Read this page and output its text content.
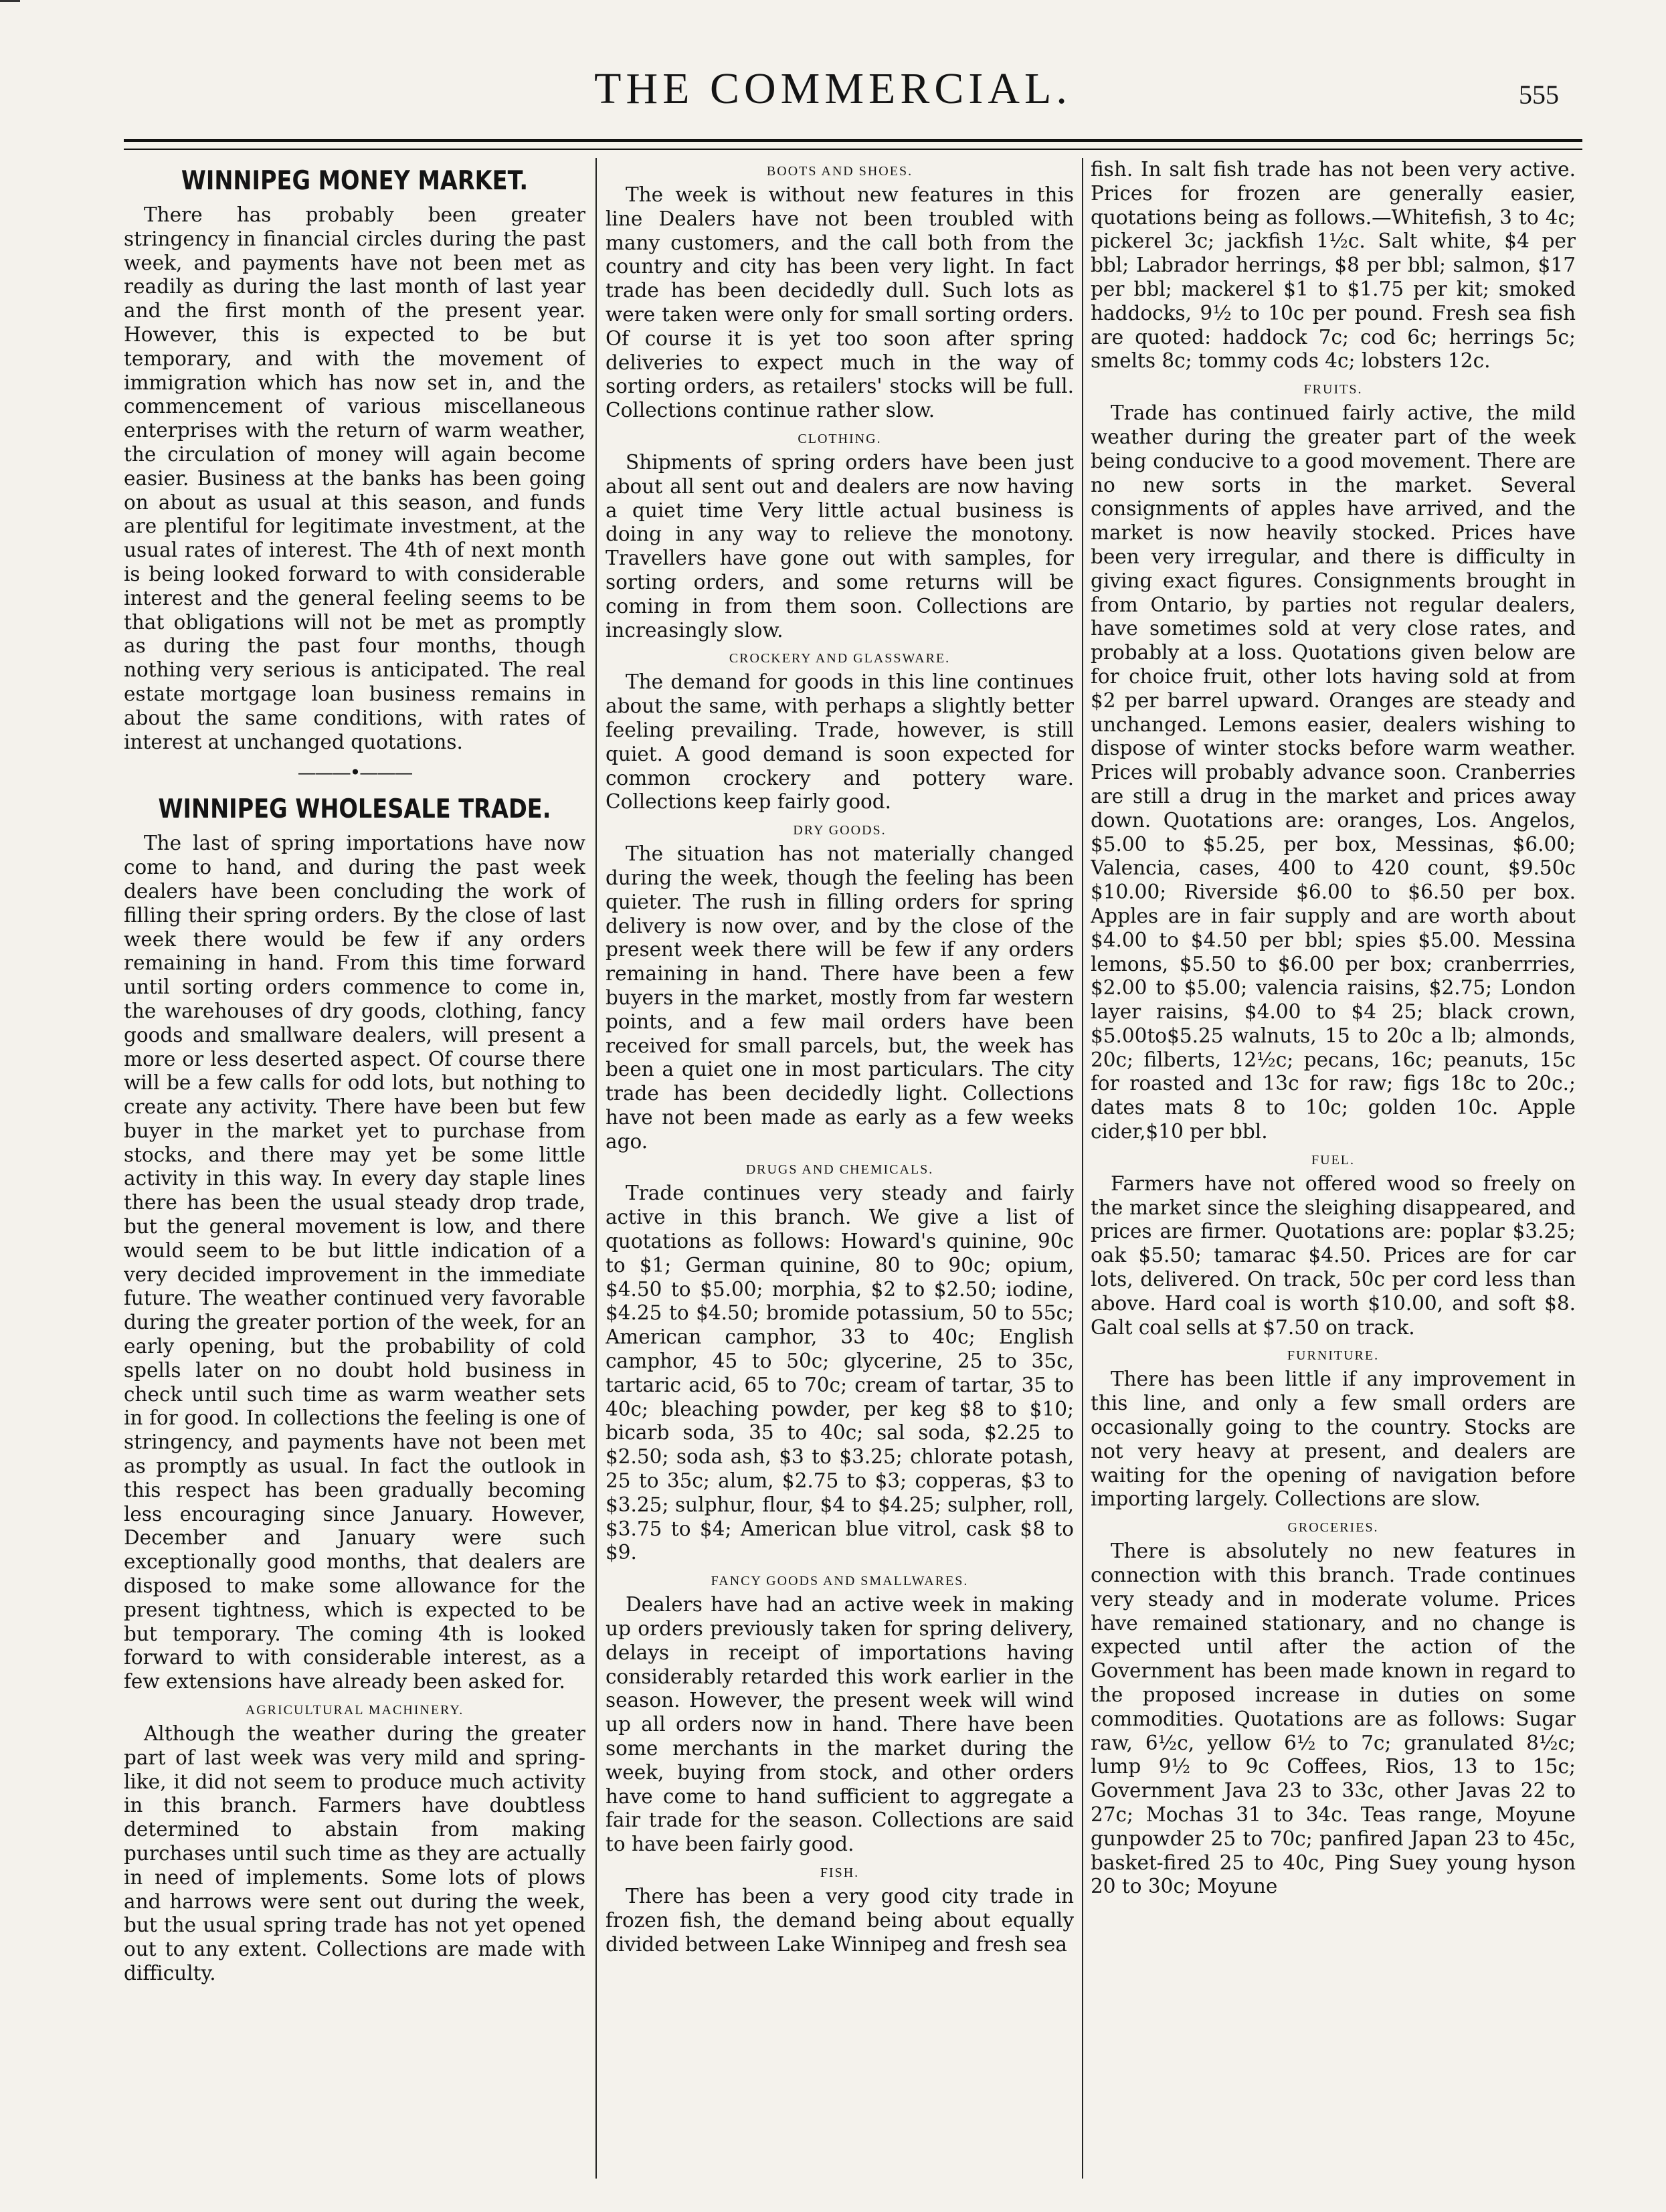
THE COMMERCIAL.	555
WINNIPEG MONEY MARKET.

There has probably been greater stringency in financial circles during the past week, and payments have not been met as readily as during the last month of last year and the first month of the present year. However, this is expected to be but temporary, and with the movement of immigration which has now set in, and the commencement of various miscellaneous enterprises with the return of warm weather, the circulation of money will again become easier. Business at the banks has been going on about as usual at this season, and funds are plentiful for legitimate investment, at the usual rates of interest. The 4th of next month is being looked forward to with considerable interest and the general feeling seems to be that obligations will not be met as promptly as during the past four months, though nothing very serious is anticipated. The real estate mortgage loan business remains in about the same conditions, with rates of interest at unchanged quotations.

———•———
WINNIPEG WHOLESALE TRADE.

The last of spring importations have now come to hand, and during the past week dealers have been concluding the work of filling their spring orders. By the close of last week there would be few if any orders remaining in hand. From this time forward until sorting orders commence to come in, the warehouses of dry goods, clothing, fancy goods and smallware dealers, will present a more or less deserted aspect. Of course there will be a few calls for odd lots, but nothing to create any activity. There have been but few buyer in the market yet to purchase from stocks, and there may yet be some little activity in this way. In every day staple lines there has been the usual steady drop trade, but the general movement is low, and there would seem to be but little indication of a very decided improvement in the immediate future. The weather continued very favorable during the greater portion of the week, for an early opening, but the probability of cold spells later on no doubt hold business in check until such time as warm weather sets in for good. In collections the feeling is one of stringency, and payments have not been met as promptly as usual. In fact the outlook in this respect has been gradually becoming less encouraging since January. However, December and January were such exceptionally good months, that dealers are disposed to make some allowance for the present tightness, which is expected to be but temporary. The coming 4th is looked forward to with considerable interest, as a few extensions have already been asked for.

AGRICULTURAL MACHINERY.

Although the weather during the greater part of last week was very mild and spring-like, it did not seem to produce much activity in this branch. Farmers have doubtless determined to abstain from making purchases until such time as they are actually in need of implements. Some lots of plows and harrows were sent out during the week, but the usual spring trade has not yet opened out to any extent. Collections are made with difficulty.

BOOTS AND SHOES.

The week is without new features in this line Dealers have not been troubled with many customers, and the call both from the country and city has been very light. In fact trade has been decidedly dull. Such lots as were taken were only for small sorting orders. Of course it is yet too soon after spring deliveries to expect much in the way of sorting orders, as retailers' stocks will be full. Collections continue rather slow.

CLOTHING.

Shipments of spring orders have been just about all sent out and dealers are now having a quiet time Very little actual business is doing in any way to relieve the monotony. Travellers have gone out with samples, for sorting orders, and some returns will be coming in from them soon. Collections are increasingly slow.

CROCKERY AND GLASSWARE.

The demand for goods in this line continues about the same, with perhaps a slightly better feeling prevailing. Trade, however, is still quiet. A good demand is soon expected for common crockery and pottery ware. Collections keep fairly good.

DRY GOODS.

The situation has not materially changed during the week, though the feeling has been quieter. The rush in filling orders for spring delivery is now over, and by the close of the present week there will be few if any orders remaining in hand. There have been a few buyers in the market, mostly from far western points, and a few mail orders have been received for small parcels, but, the week has been a quiet one in most particulars. The city trade has been decidedly light. Collections have not been made as early as a few weeks ago.

DRUGS AND CHEMICALS.

Trade continues very steady and fairly active in this branch. We give a list of quotations as follows: Howard's quinine, 90c to $1; German quinine, 80 to 90c; opium, $4.50 to $5.00; morphia, $2 to $2.50; iodine, $4.25 to $4.50; bromide potassium, 50 to 55c; American camphor, 33 to 40c; English camphor, 45 to 50c; glycerine, 25 to 35c, tartaric acid, 65 to 70c; cream of tartar, 35 to 40c; bleaching powder, per keg $8 to $10; bicarb soda, 35 to 40c; sal soda, $2.25 to $2.50; soda ash, $3 to $3.25; chlorate potash, 25 to 35c; alum, $2.75 to $3; copperas, $3 to $3.25; sulphur, flour, $4 to $4.25; sulpher, roll, $3.75 to $4; American blue vitrol, cask $8 to $9.

FANCY GOODS AND SMALLWARES.

Dealers have had an active week in making up orders previously taken for spring delivery, delays in receipt of importations having considerably retarded this work earlier in the season. However, the present week will wind up all orders now in hand. There have been some merchants in the market during the week, buying from stock, and other orders have come to hand sufficient to aggregate a fair trade for the season. Collections are said to have been fairly good.

FISH.

There has been a very good city trade in frozen fish, the demand being about equally divided between Lake Winnipeg and fresh sea

fish. In salt fish trade has not been very active. Prices for frozen are generally easier, quotations being as follows.—Whitefish, 3 to 4c; pickerel 3c; jackfish 1½c. Salt white, $4 per bbl; Labrador herrings, $8 per bbl; salmon, $17 per bbl; mackerel $1 to $1.75 per kit; smoked haddocks, 9½ to 10c per pound. Fresh sea fish are quoted: haddock 7c; cod 6c; herrings 5c; smelts 8c; tommy cods 4c; lobsters 12c.

FRUITS.

Trade has continued fairly active, the mild weather during the greater part of the week being conducive to a good movement. There are no new sorts in the market. Several consignments of apples have arrived, and the market is now heavily stocked. Prices have been very irregular, and there is difficulty in giving exact figures. Consignments brought in from Ontario, by parties not regular dealers, have sometimes sold at very close rates, and probably at a loss. Quotations given below are for choice fruit, other lots having sold at from $2 per barrel upward. Oranges are steady and unchanged. Lemons easier, dealers wishing to dispose of winter stocks before warm weather. Prices will probably advance soon. Cranberries are still a drug in the market and prices away down. Quotations are: oranges, Los. Angelos, $5.00 to $5.25, per box, Messinas, $6.00; Valencia, cases, 400 to 420 count, $9.50c $10.00; Riverside $6.00 to $6.50 per box. Apples are in fair supply and are worth about $4.00 to $4.50 per bbl; spies $5.00. Messina lemons, $5.50 to $6.00 per box; cranberrries, $2.00 to $5.00; valencia raisins, $2.75; London layer raisins, $4.00 to $4 25; black crown, $5.00to$5.25 walnuts, 15 to 20c a lb; almonds, 20c; filberts, 12½c; pecans, 16c; peanuts, 15c for roasted and 13c for raw; figs 18c to 20c.; dates mats 8 to 10c; golden 10c. Apple cider,$10 per bbl.

FUEL.

Farmers have not offered wood so freely on the market since the sleighing disappeared, and prices are firmer. Quotations are: poplar $3.25; oak $5.50; tamarac $4.50. Prices are for car lots, delivered. On track, 50c per cord less than above. Hard coal is worth $10.00, and soft $8. Galt coal sells at $7.50 on track.

FURNITURE.

There has been little if any improvement in this line, and only a few small orders are occasionally going to the country. Stocks are not very heavy at present, and dealers are waiting for the opening of navigation before importing largely. Collections are slow.

GROCERIES.

There is absolutely no new features in connection with this branch. Trade continues very steady and in moderate volume. Prices have remained stationary, and no change is expected until after the action of the Government has been made known in regard to the proposed increase in duties on some commodities. Quotations are as follows: Sugar raw, 6½c, yellow 6½ to 7c; granulated 8½c; lump 9½ to 9c Coffees, Rios, 13 to 15c; Government Java 23 to 33c, other Javas 22 to 27c; Mochas 31 to 34c. Teas range, Moyune gunpowder 25 to 70c; panfired Japan 23 to 45c, basket-fired 25 to 40c, Ping Suey young hyson 20 to 30c; Moyune
